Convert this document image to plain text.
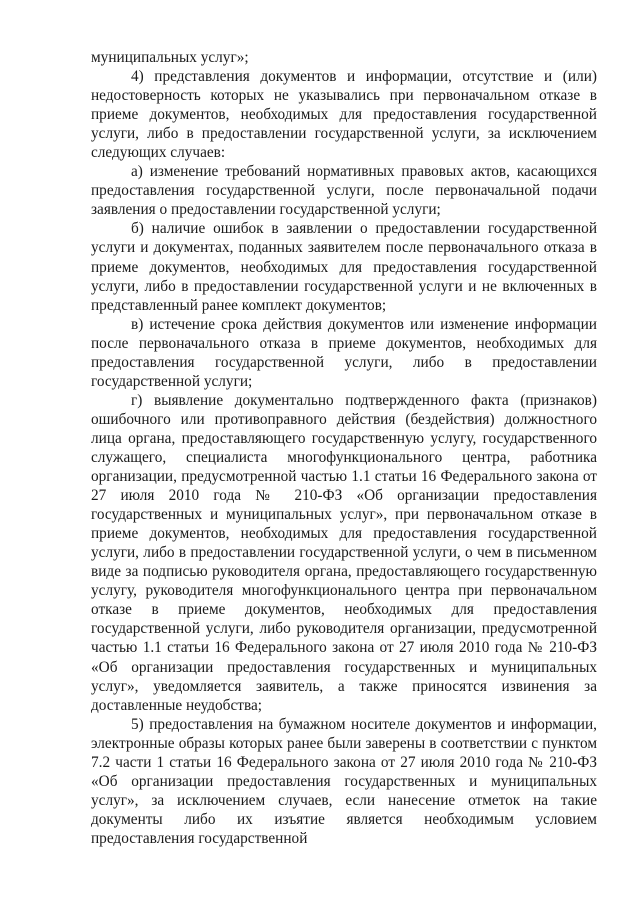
муниципальных услуг»;

4) представления документов и информации, отсутствие и (или) недостоверность которых не указывались при первоначальном отказе в приеме документов, необходимых для предоставления государственной услуги, либо в предоставлении государственной услуги, за исключением следующих случаев:

а) изменение требований нормативных правовых актов, касающихся предоставления государственной услуги, после первоначальной подачи заявления о предоставлении государственной услуги;

б) наличие ошибок в заявлении о предоставлении государственной услуги и документах, поданных заявителем после первоначального отказа в приеме документов, необходимых для предоставления государственной услуги, либо в предоставлении государственной услуги и не включенных в представленный ранее комплект документов;

в) истечение срока действия документов или изменение информации после первоначального отказа в приеме документов, необходимых для предоставления государственной услуги, либо в предоставлении государственной услуги;

г) выявление документально подтвержденного факта (признаков) ошибочного или противоправного действия (бездействия) должностного лица органа, предоставляющего государственную услугу, государственного служащего, специалиста многофункционального центра, работника организации, предусмотренной частью 1.1 статьи 16 Федерального закона от 27 июля 2010 года № 210-ФЗ «Об организации предоставления государственных и муниципальных услуг», при первоначальном отказе в приеме документов, необходимых для предоставления государственной услуги, либо в предоставлении государственной услуги, о чем в письменном виде за подписью руководителя органа, предоставляющего государственную услугу, руководителя многофункционального центра при первоначальном отказе в приеме документов, необходимых для предоставления государственной услуги, либо руководителя организации, предусмотренной частью 1.1 статьи 16 Федерального закона от 27 июля 2010 года № 210-ФЗ «Об организации предоставления государственных и муниципальных услуг», уведомляется заявитель, а также приносятся извинения за доставленные неудобства;

5) предоставления на бумажном носителе документов и информации, электронные образы которых ранее были заверены в соответствии с пунктом 7.2 части 1 статьи 16 Федерального закона от 27 июля 2010 года № 210-ФЗ «Об организации предоставления государственных и муниципальных услуг», за исключением случаев, если нанесение отметок на такие документы либо их изъятие является необходимым условием предоставления государственной
